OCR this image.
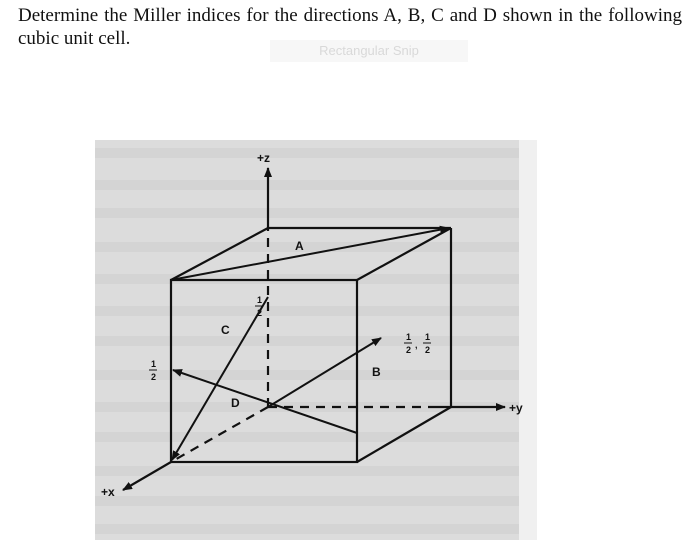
Determine the Miller indices for the directions A, B, C and D shown in the following cubic unit cell.

Rectangular Snip
+z
+y
+x
A
B
C
D
1
2
1
2
1
2 ,
1
2
